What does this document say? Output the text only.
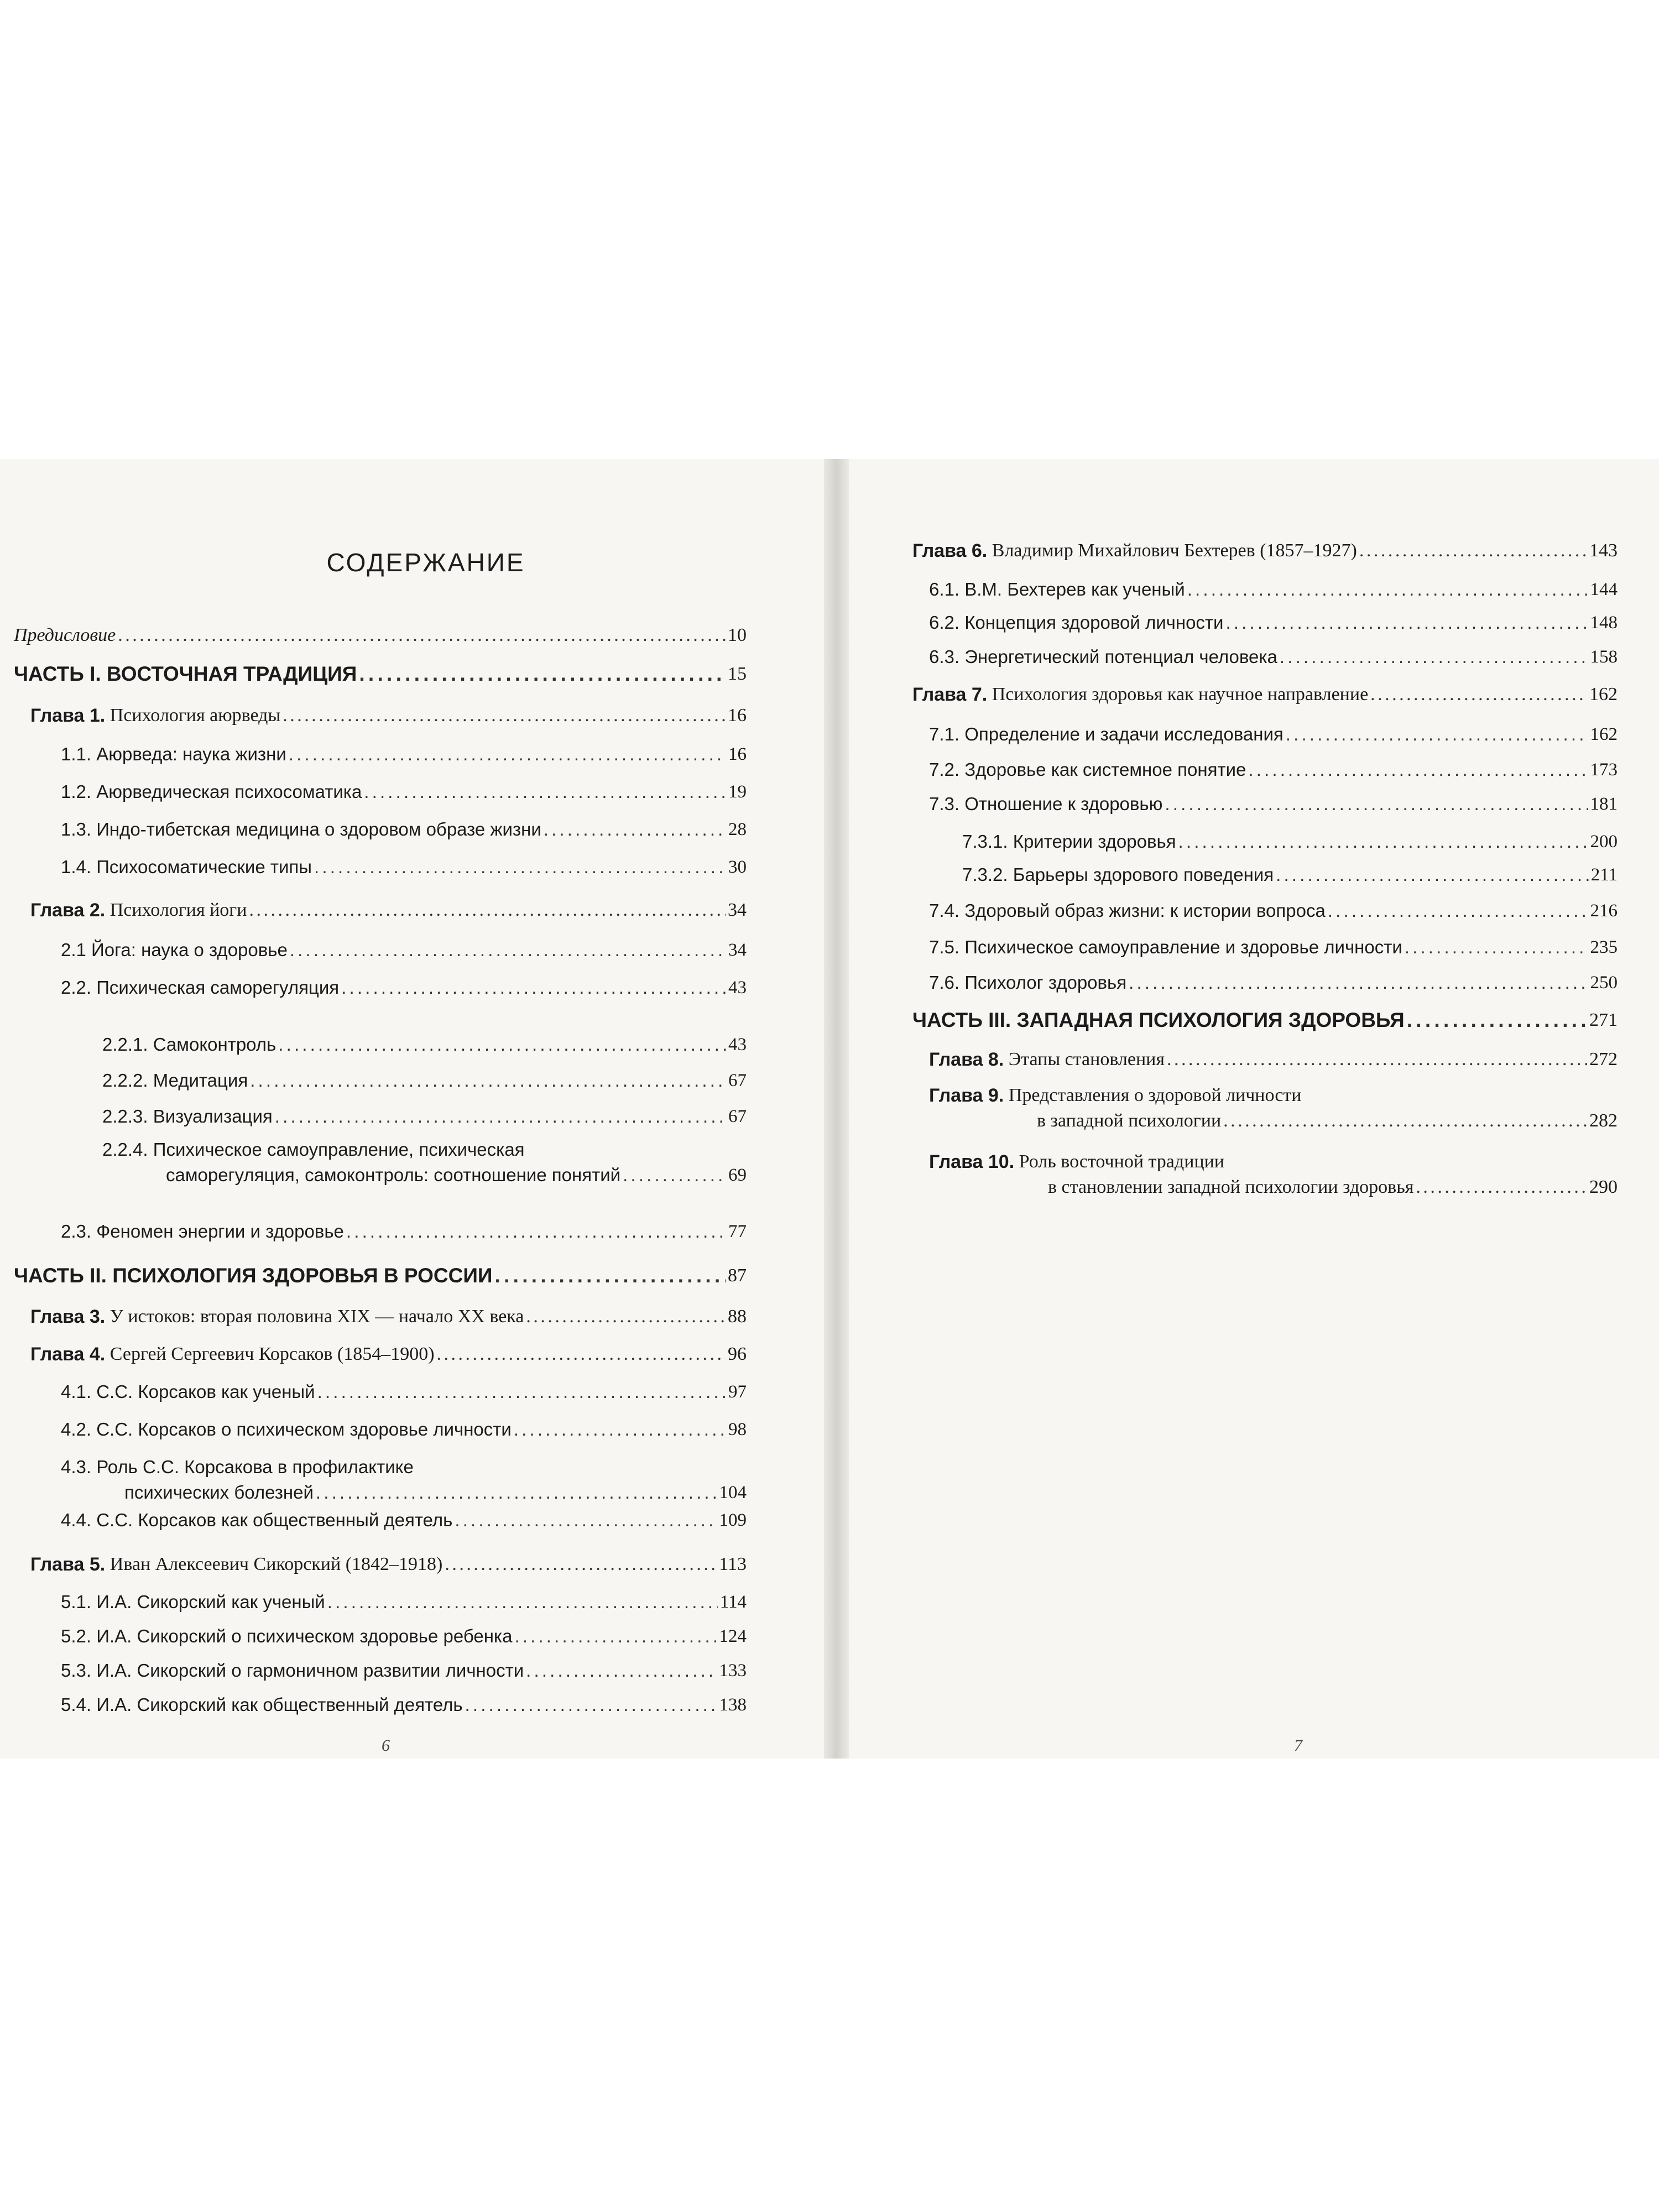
СОДЕРЖАНИЕ
Предисловие . . .	10
ЧАСТЬ I. ВОСТОЧНАЯ ТРАДИЦИЯ . . .	15
Глава 1.
Психология аюрведы . . .	16
1.1. Аюрведа: наука жизни . . .	16
1.2. Аюрведическая психосоматика . . .	19
1.3. Индо-тибетская медицина о здоровом образе жизни . . .	28
1.4. Психосоматические типы . . .	30
Глава 2.
Психология йоги . . .	34
2.1 Йога: наука о здоровье . . .	34
2.2. Психическая саморегуляция . . .	43
2.2.1. Самоконтроль . . .	43
2.2.2. Медитация . . .	67
2.2.3. Визуализация . . .	67
2.2.4. Психическое самоуправление, психическая
саморегуляция, самоконтроль: соотношение понятий . . .	69
2.3. Феномен энергии и здоровье . . .	77
ЧАСТЬ II. ПСИХОЛОГИЯ ЗДОРОВЬЯ В РОССИИ . . .	87
Глава 3.
У истоков: вторая половина XIX — начало XX века . . .	88
Глава 4.
Сергей Сергеевич Корсаков (1854–1900) . . .	96
4.1. С.С. Корсаков как ученый . . .	97
4.2. С.С. Корсаков о психическом здоровье личности . . .	98
4.3. Роль С.С. Корсакова в профилактике
психических болезней . . .	104
4.4. С.С. Корсаков как общественный деятель . . .	109
Глава 5.
Иван Алексеевич Сикорский (1842–1918) . . .	113
5.1. И.А. Сикорский как ученый . . .	114
5.2. И.А. Сикорский о психическом здоровье ребенка . . .	124
5.3. И.А. Сикорский о гармоничном развитии личности . . .	133
5.4. И.А. Сикорский как общественный деятель . . .	138
Глава 6.
Владимир Михайлович Бехтерев (1857–1927) . . .	143
6.1. В.М. Бехтерев как ученый . . .	144
6.2. Концепция здоровой личности . . .	148
6.3. Энергетический потенциал человека . . .	158
Глава 7.
Психология здоровья как научное направление . . .	162
7.1. Определение и задачи исследования . . .	162
7.2. Здоровье как системное понятие . . .	173
7.3. Отношение к здоровью . . .	181
7.3.1. Критерии здоровья . . .	200
7.3.2. Барьеры здорового поведения . . .	211
7.4. Здоровый образ жизни: к истории вопроса . . .	216
7.5. Психическое самоуправление и здоровье личности . . .	235
7.6. Психолог здоровья . . .	250
ЧАСТЬ III. ЗАПАДНАЯ ПСИХОЛОГИЯ ЗДОРОВЬЯ . . .	271
Глава 8.
Этапы становления . . .	272
Глава 9.
Представления о здоровой личности
в западной психологии . . .	282
Глава 10.
Роль восточной традиции
в становлении западной психологии здоровья . . .	290
6	7
